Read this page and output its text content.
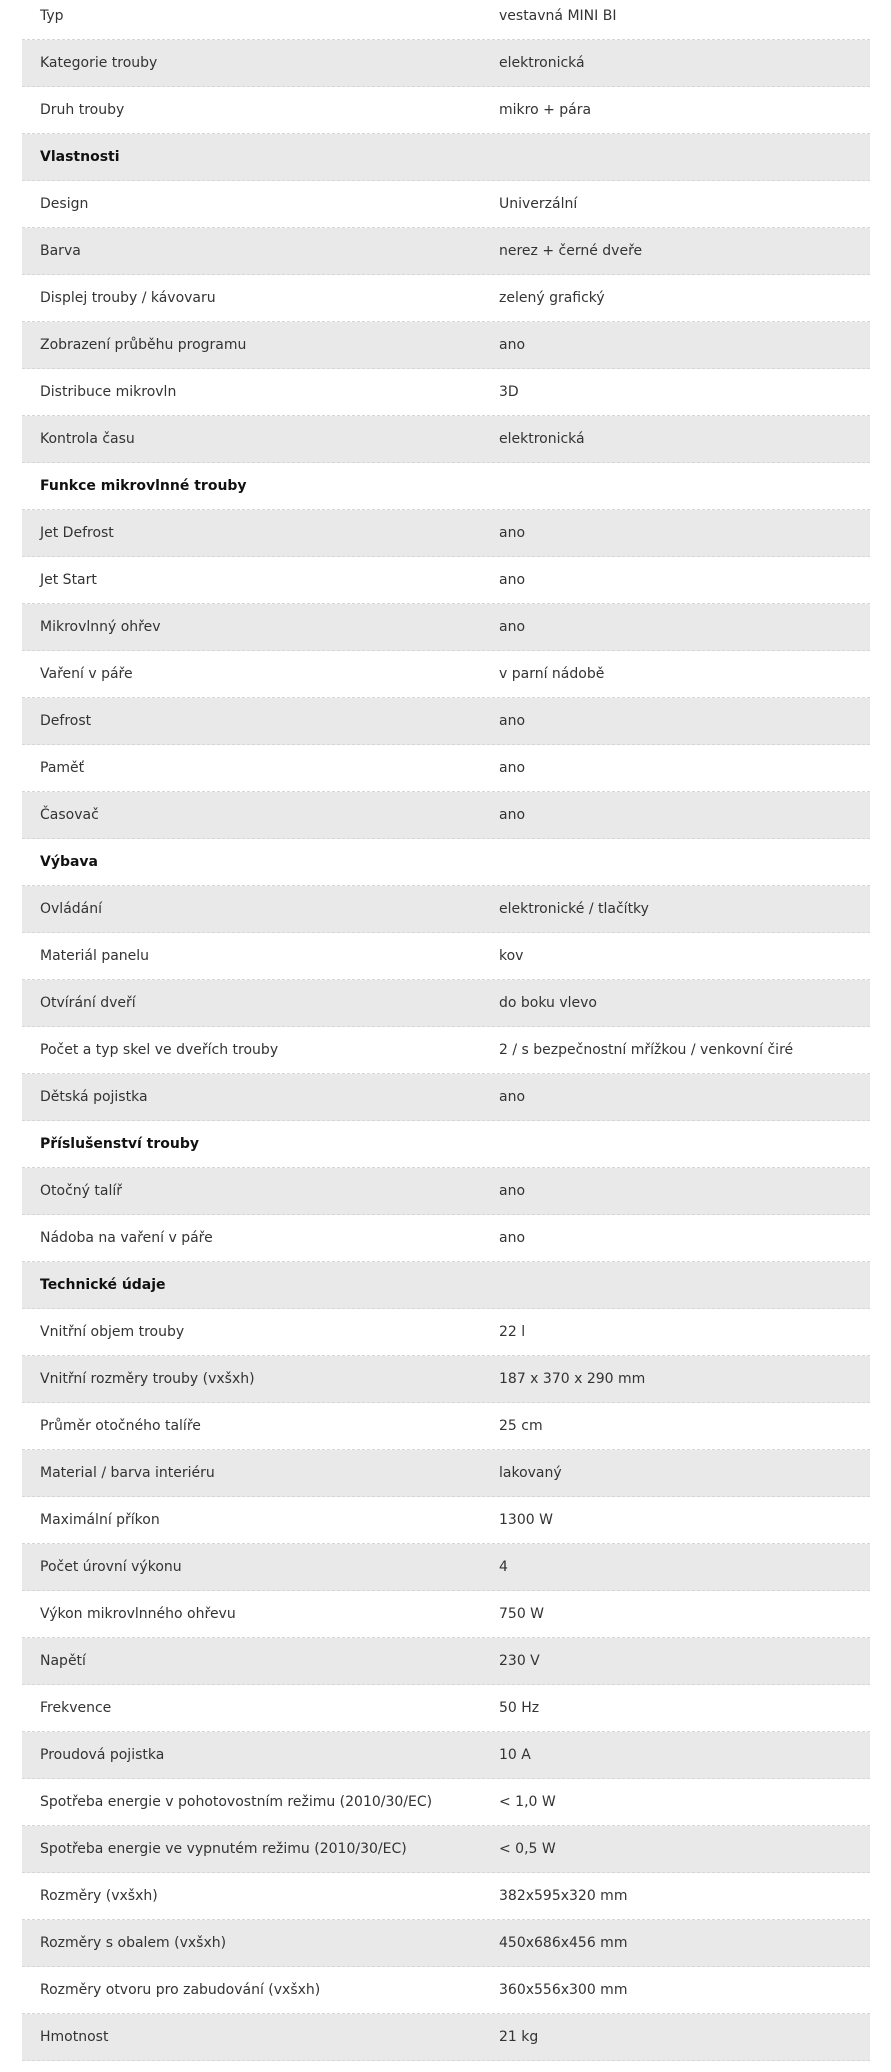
Typ	vestavná MINI BI
Kategorie trouby	elektronická
Druh trouby	mikro + pára
Vlastnosti
Design	Univerzální
Barva	nerez + černé dveře
Displej trouby / kávovaru	zelený grafický
Zobrazení průběhu programu	ano
Distribuce mikrovln	3D
Kontrola času	elektronická
Funkce mikrovlnné trouby
Jet Defrost	ano
Jet Start	ano
Mikrovlnný ohřev	ano
Vaření v páře	v parní nádobě
Defrost	ano
Paměť	ano
Časovač	ano
Výbava
Ovládání	elektronické / tlačítky
Materiál panelu	kov
Otvírání dveří	do boku vlevo
Počet a typ skel ve dveřích trouby	2 / s bezpečnostní mřížkou / venkovní čiré
Dětská pojistka	ano
Příslušenství trouby
Otočný talíř	ano
Nádoba na vaření v páře	ano
Technické údaje
Vnitřní objem trouby	22 l
Vnitřní rozměry trouby (vxšxh)	187 x 370 x 290 mm
Průměr otočného talíře	25 cm
Material / barva interiéru	lakovaný
Maximální příkon	1300 W
Počet úrovní výkonu	4
Výkon mikrovlnného ohřevu	750 W
Napětí	230 V
Frekvence	50 Hz
Proudová pojistka	10 A
Spotřeba energie v pohotovostním režimu (2010/30/EC)	< 1,0 W
Spotřeba energie ve vypnutém režimu (2010/30/EC)	< 0,5 W
Rozměry (vxšxh)	382x595x320 mm
Rozměry s obalem (vxšxh)	450x686x456 mm
Rozměry otvoru pro zabudování (vxšxh)	360x556x300 mm
Hmotnost	21 kg
